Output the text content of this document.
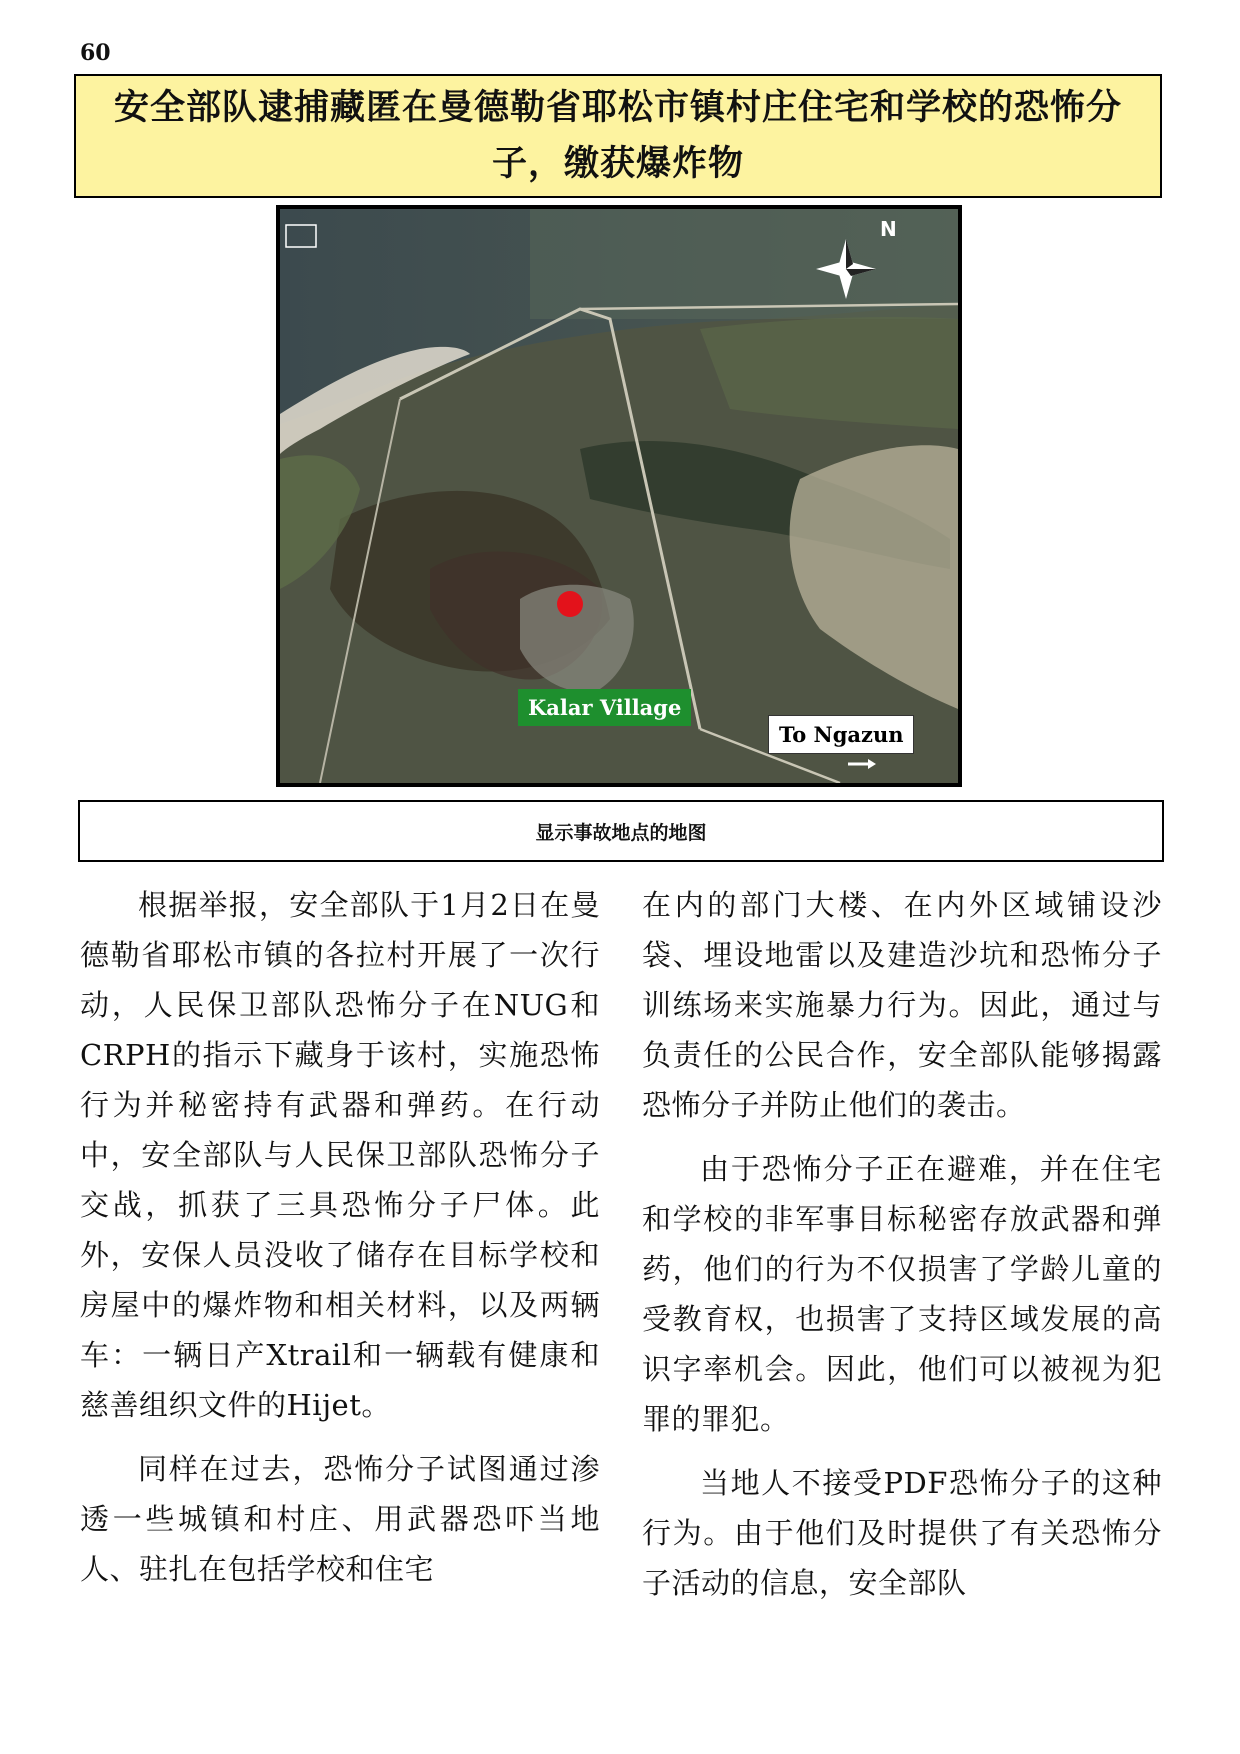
60
安全部队逮捕藏匿在曼德勒省耶松市镇村庄住宅和学校的恐怖分子，缴获爆炸物
N
Kalar Village
To Ngazun
显示事故地点的地图

根据举报，安全部队于1月2日在曼德勒省耶松市镇的各拉村开展了一次行动，人民保卫部队恐怖分子在NUG和CRPH的指示下藏身于该村，实施恐怖行为并秘密持有武器和弹药。在行动中，安全部队与人民保卫部队恐怖分子交战，抓获了三具恐怖分子尸体。此外，安保人员没收了储存在目标学校和房屋中的爆炸物和相关材料，以及两辆车：一辆日产Xtrail和一辆载有健康和慈善组织文件的Hijet。

同样在过去，恐怖分子试图通过渗透一些城镇和村庄、用武器恐吓当地人、驻扎在包括学校和住宅

在内的部门大楼、在内外区域铺设沙袋、埋设地雷以及建造沙坑和恐怖分子训练场来实施暴力行为。因此，通过与负责任的公民合作，安全部队能够揭露恐怖分子并防止他们的袭击。

由于恐怖分子正在避难，并在住宅和学校的非军事目标秘密存放武器和弹药，他们的行为不仅损害了学龄儿童的受教育权，也损害了支持区域发展的高识字率机会。因此，他们可以被视为犯罪的罪犯。

当地人不接受PDF恐怖分子的这种行为。由于他们及时提供了有关恐怖分子活动的信息，安全部队
